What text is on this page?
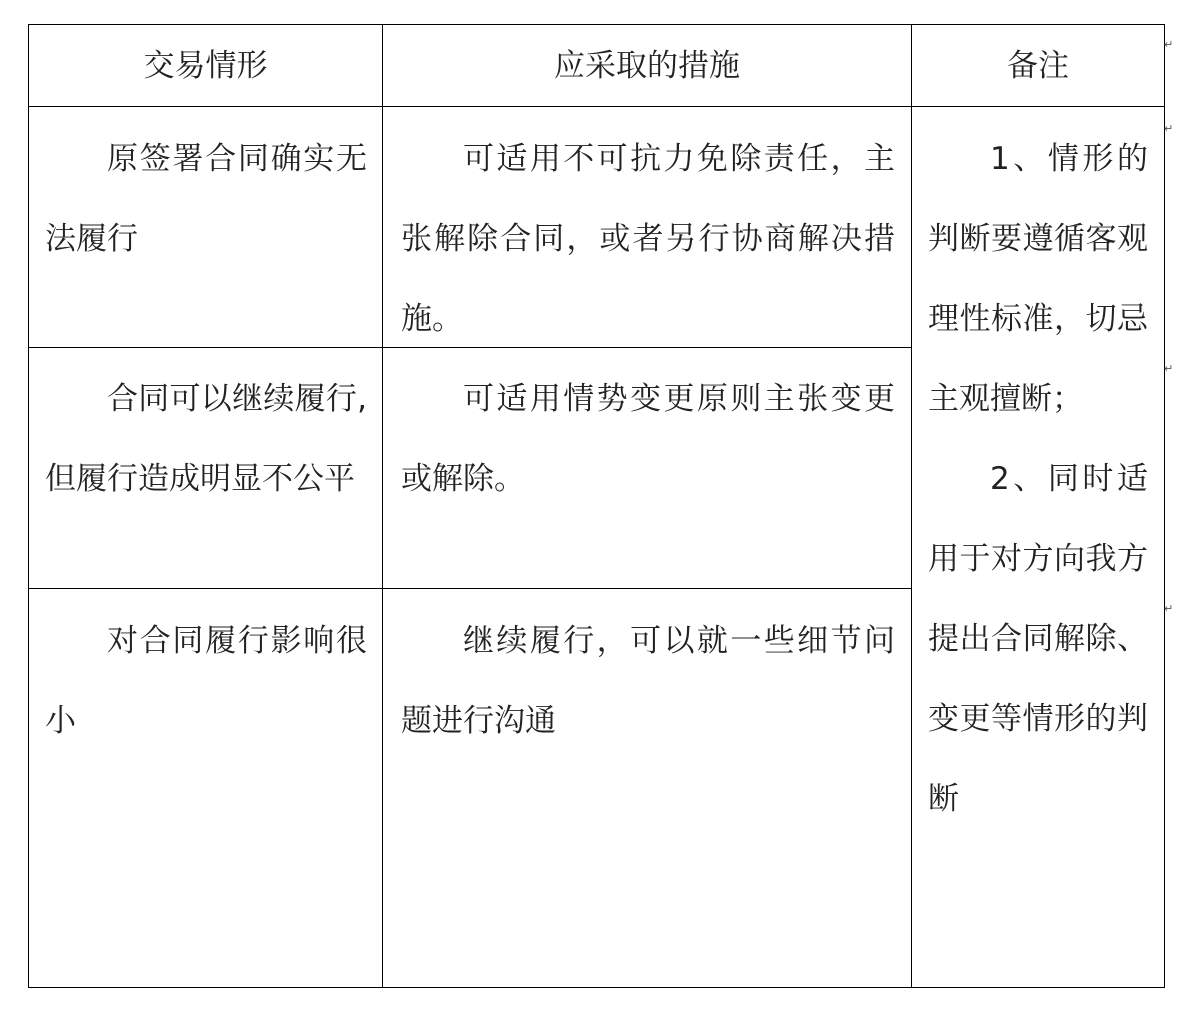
交易情形	应采取的措施	备注
原签署合同确实无法履行
可适用不可抗力免除责任，主张解除合同，或者另行协商解决措施。
合同可以继续履行,但履行造成明显不公平
可适用情势变更原则主张变更或解除。
对合同履行影响很小
继续履行，可以就一些细节问题进行沟通
1、情形的判断要遵循客观理性标准，切忌主观擅断；
2、同时适用于对方向我方提出合同解除、变更等情形的判断
↵
↵
↵
↵
